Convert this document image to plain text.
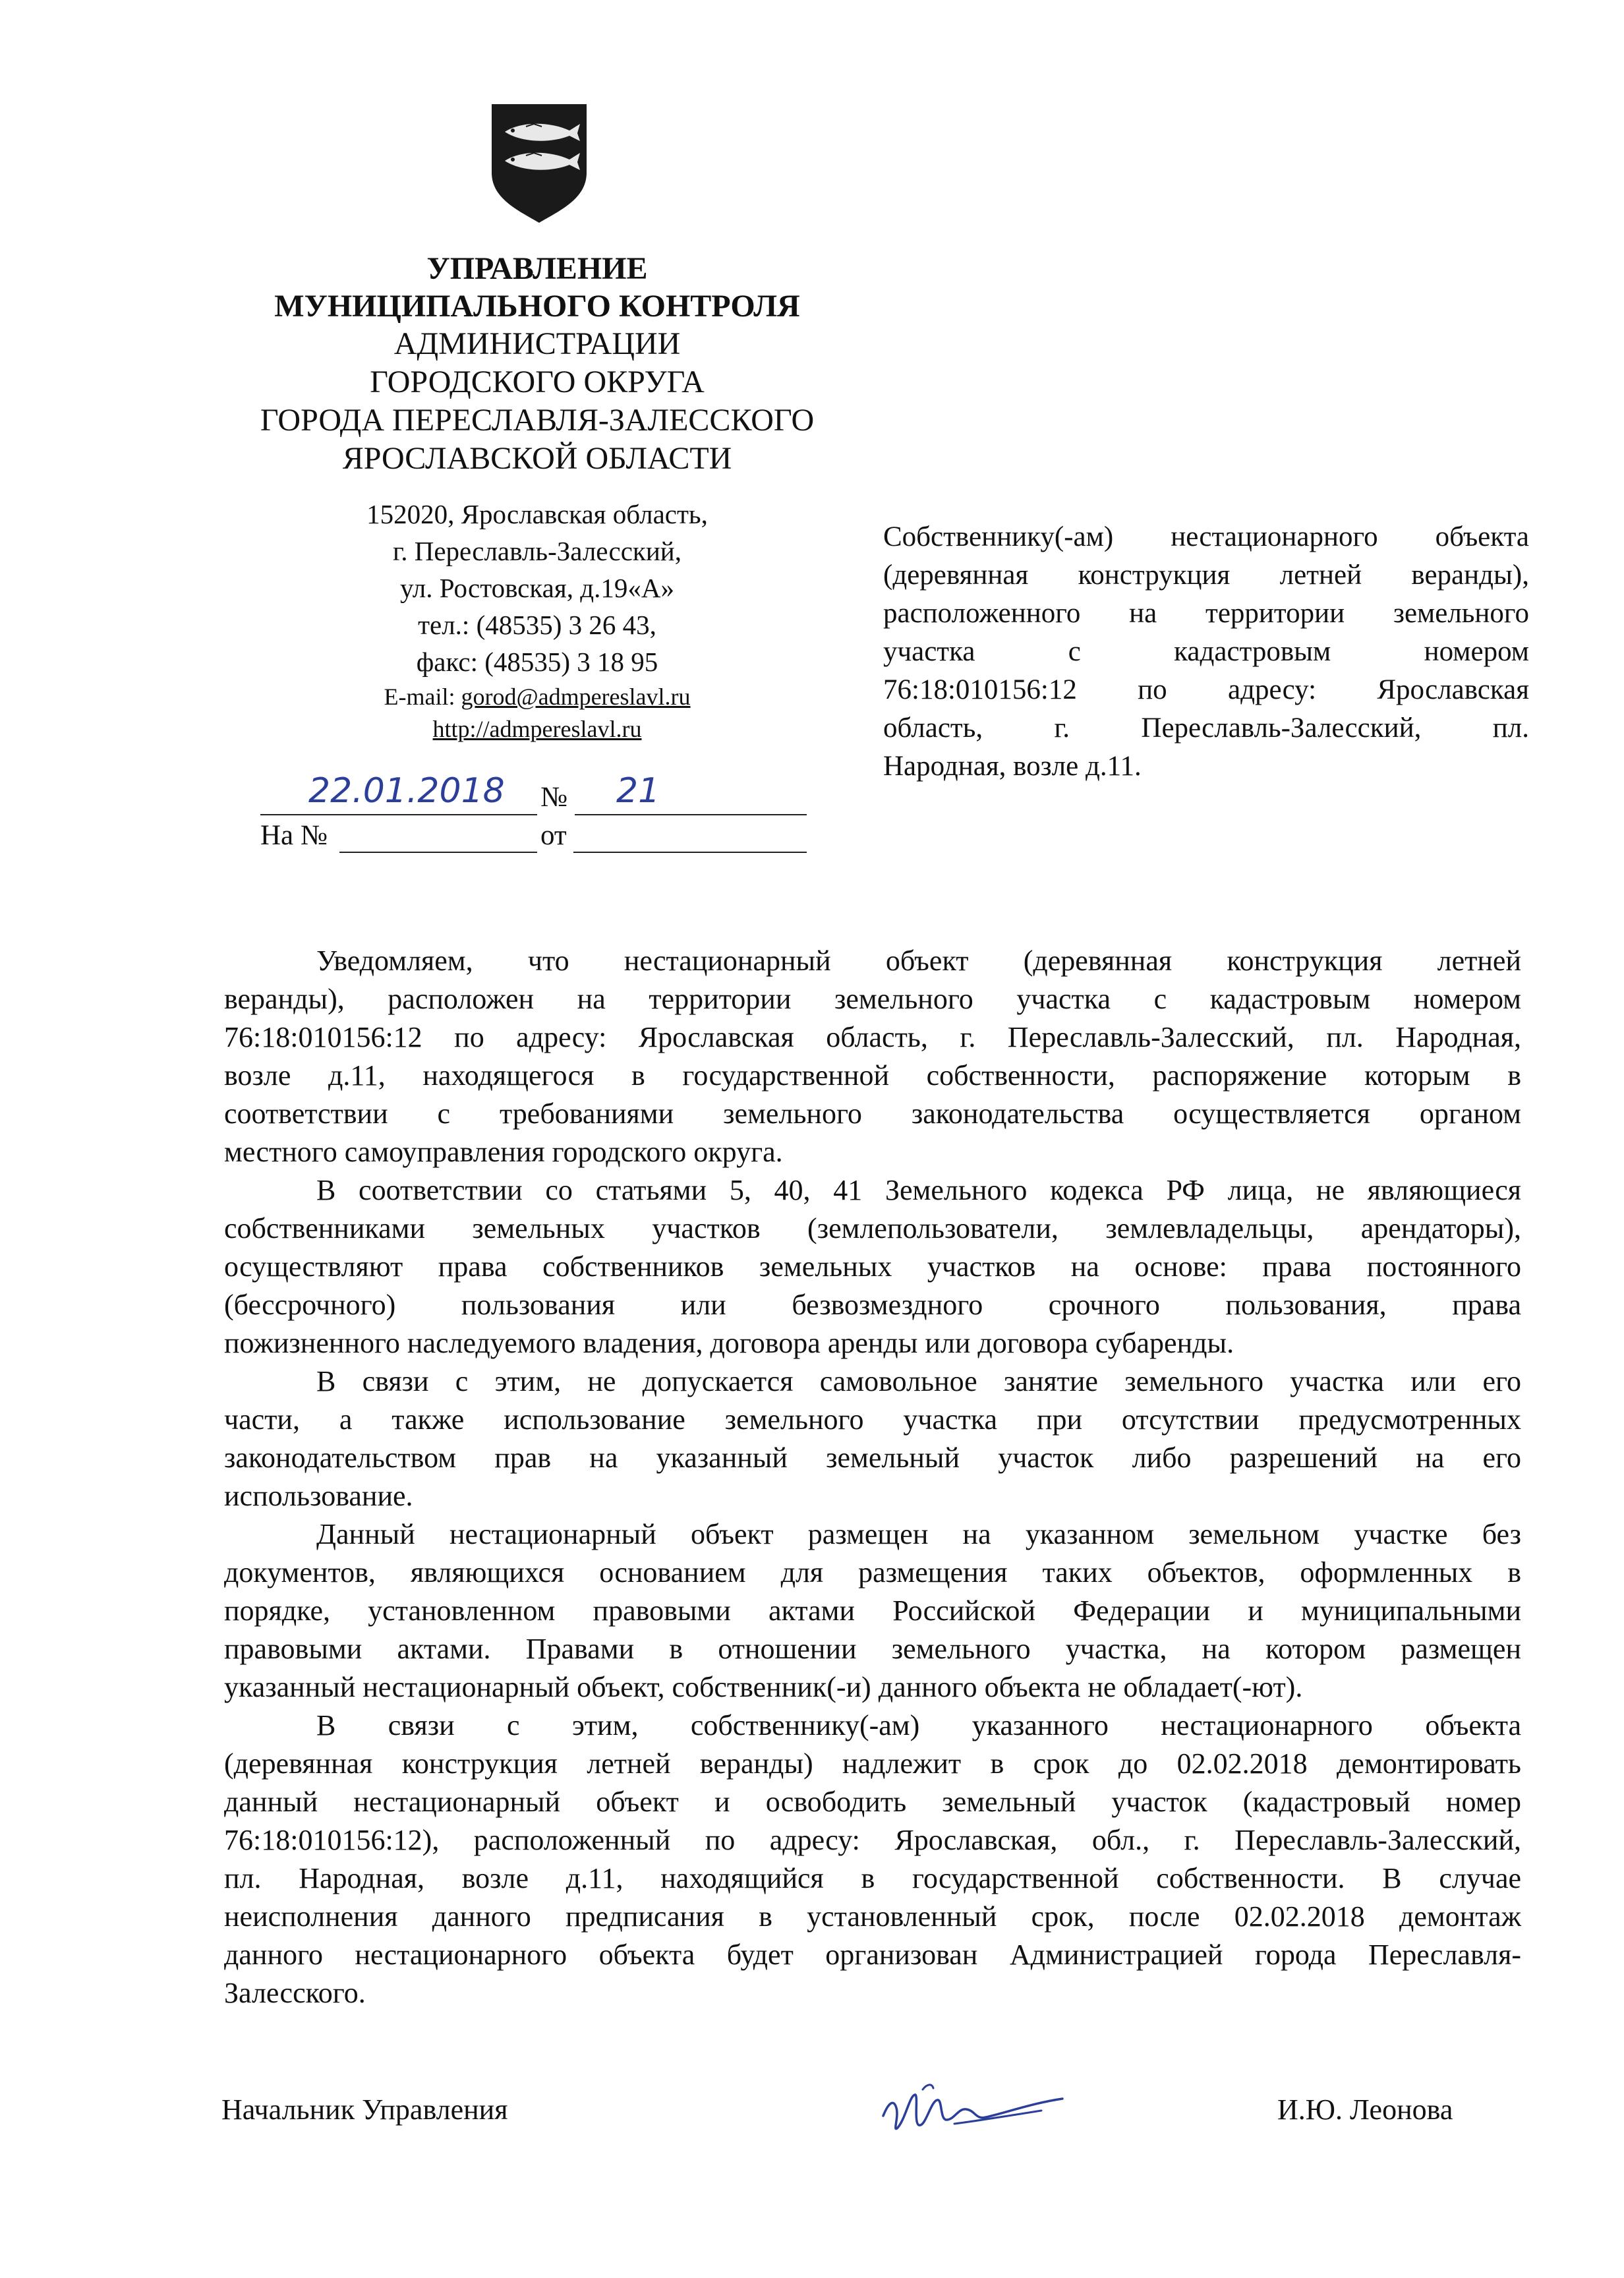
УПРАВЛЕНИЕ
МУНИЦИПАЛЬНОГО КОНТРОЛЯ
АДМИНИСТРАЦИИ
ГОРОДСКОГО ОКРУГА
ГОРОДА ПЕРЕСЛАВЛЯ-ЗАЛЕССКОГО
ЯРОСЛАВСКОЙ ОБЛАСТИ
152020, Ярославская область,
г. Переславль-Залесский,
ул. Ростовская, д.19«А»
тел.: (48535) 3 26 43,
факс: (48535) 3 18 95
E-mail: gorod@admpereslavl.ru
http://admpereslavl.ru
22.01.2018 № 21
На №	от
Собственнику(-ам) нестационарного объекта
(деревянная конструкция летней веранды),
расположенного на территории земельного
участка с кадастровым номером
76:18:010156:12 по адресу: Ярославская
область, г. Переславль-Залесский, пл.
Народная, возле д.11.
Уведомляем, что нестационарный объект (деревянная конструкция летней
веранды), расположен на территории земельного участка с кадастровым номером
76:18:010156:12 по адресу: Ярославская область, г. Переславль-Залесский, пл. Народная,
возле д.11, находящегося в государственной собственности, распоряжение которым в
соответствии с требованиями земельного законодательства осуществляется органом
местного самоуправления городского округа.
В соответствии со статьями 5, 40, 41 Земельного кодекса РФ лица, не являющиеся
собственниками земельных участков (землепользователи, землевладельцы, арендаторы),
осуществляют права собственников земельных участков на основе: права постоянного
(бессрочного) пользования или безвозмездного срочного пользования, права
пожизненного наследуемого владения, договора аренды или договора субаренды.
В связи с этим, не допускается самовольное занятие земельного участка или его
части, а также использование земельного участка при отсутствии предусмотренных
законодательством прав на указанный земельный участок либо разрешений на его
использование.
Данный нестационарный объект размещен на указанном земельном участке без
документов, являющихся основанием для размещения таких объектов, оформленных в
порядке, установленном правовыми актами Российской Федерации и муниципальными
правовыми актами. Правами в отношении земельного участка, на котором размещен
указанный нестационарный объект, собственник(-и) данного объекта не обладает(-ют).
В связи с этим, собственнику(-ам) указанного нестационарного объекта
(деревянная конструкция летней веранды) надлежит в срок до 02.02.2018 демонтировать
данный нестационарный объект и освободить земельный участок (кадастровый номер
76:18:010156:12), расположенный по адресу: Ярославская, обл., г. Переславль-Залесский,
пл. Народная, возле д.11, находящийся в государственной собственности. В случае
неисполнения данного предписания в установленный срок, после 02.02.2018 демонтаж
данного нестационарного объекта будет организован Администрацией города Переславля-
Залесского.
Начальник Управления	И.Ю. Леонова
